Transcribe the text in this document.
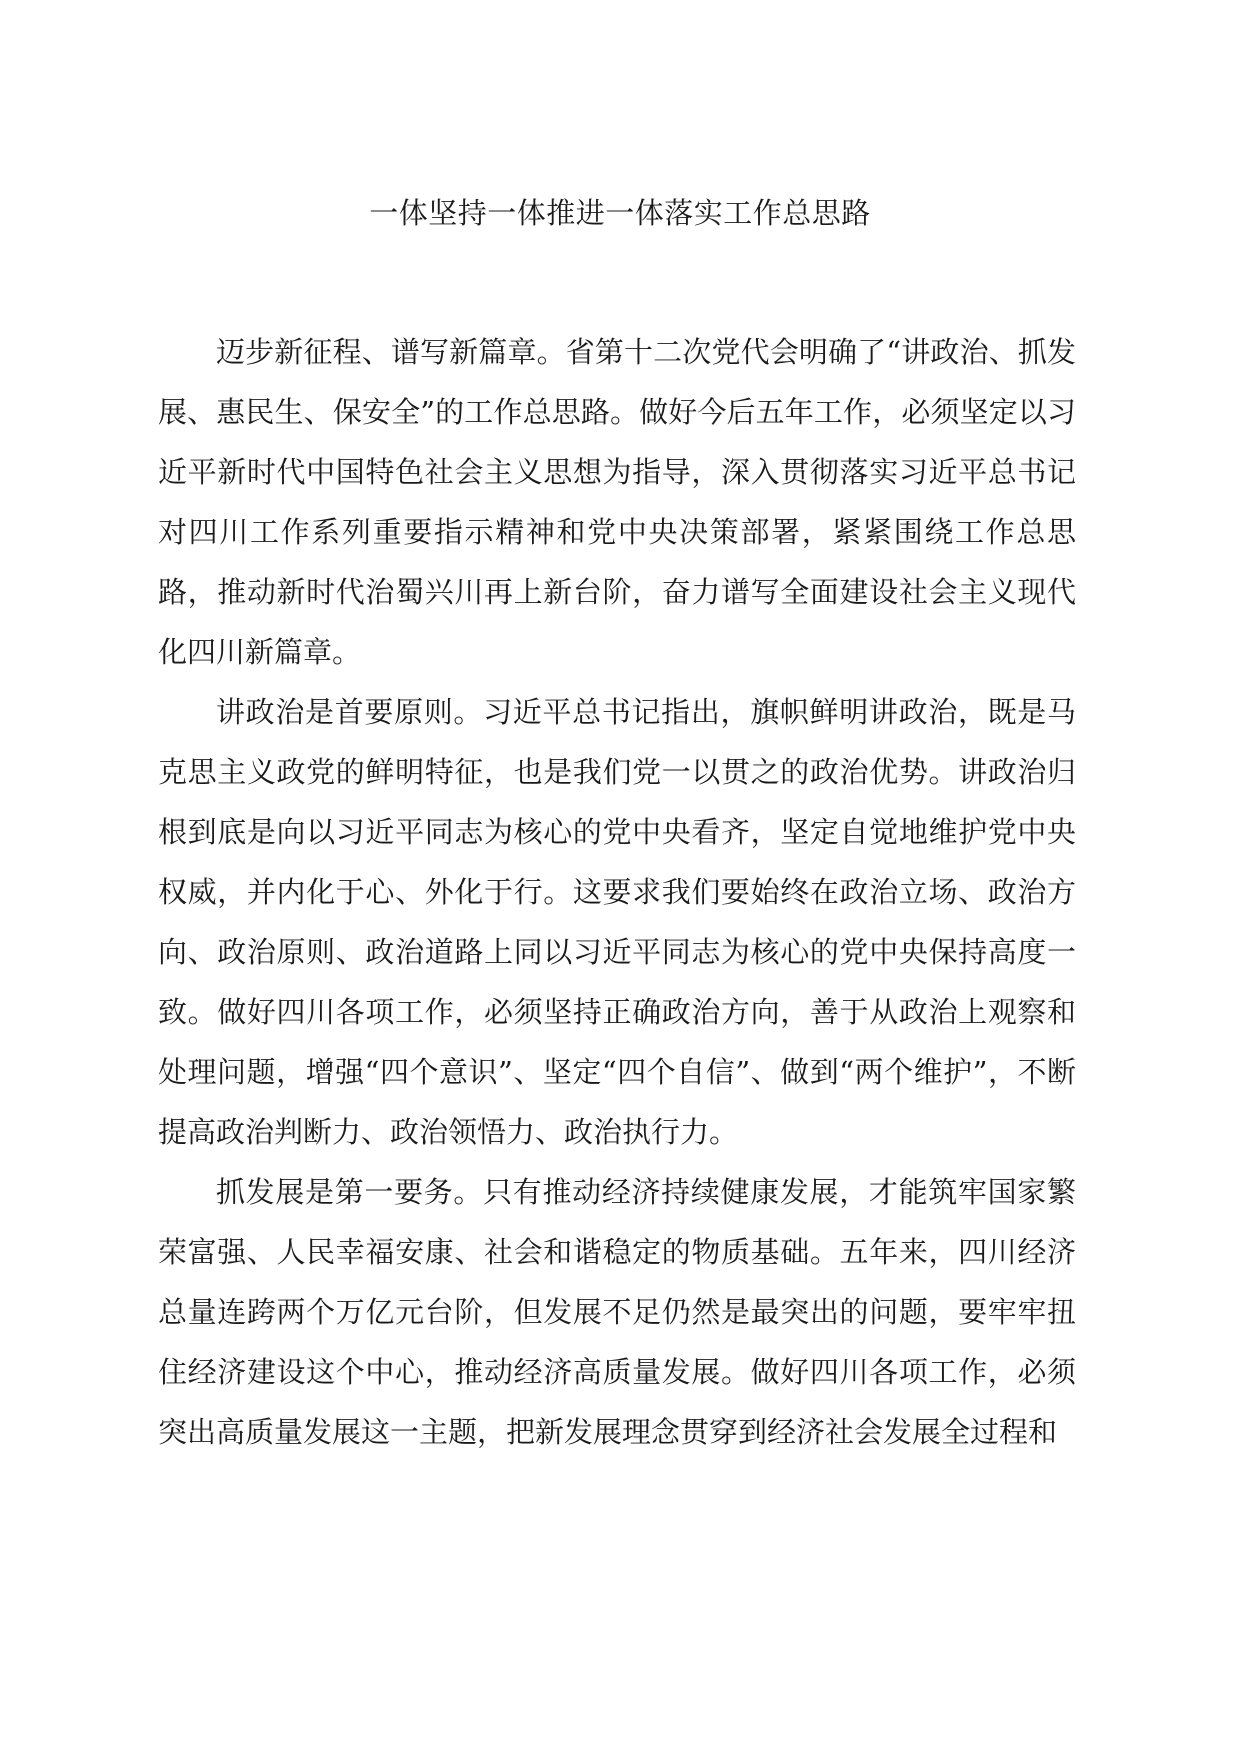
一体坚持一体推进一体落实工作总思路

迈步新征程、谱写新篇章。省第十二次党代会明确了“讲政治、抓发展、惠民生、保安全”的工作总思路。做好今后五年工作，必须坚定以习近平新时代中国特色社会主义思想为指导，深入贯彻落实习近平总书记对四川工作系列重要指示精神和党中央决策部署，紧紧围绕工作总思路，推动新时代治蜀兴川再上新台阶，奋力谱写全面建设社会主义现代化四川新篇章。

讲政治是首要原则。习近平总书记指出，旗帜鲜明讲政治，既是马克思主义政党的鲜明特征，也是我们党一以贯之的政治优势。讲政治归根到底是向以习近平同志为核心的党中央看齐，坚定自觉地维护党中央权威，并内化于心、外化于行。这要求我们要始终在政治立场、政治方向、政治原则、政治道路上同以习近平同志为核心的党中央保持高度一致。做好四川各项工作，必须坚持正确政治方向，善于从政治上观察和处理问题，增强“四个意识”、坚定“四个自信”、做到“两个维护”，不断提高政治判断力、政治领悟力、政治执行力。

抓发展是第一要务。只有推动经济持续健康发展，才能筑牢国家繁荣富强、人民幸福安康、社会和谐稳定的物质基础。五年来，四川经济总量连跨两个万亿元台阶，但发展不足仍然是最突出的问题，要牢牢扭住经济建设这个中心，推动经济高质量发展。做好四川各项工作，必须突出高质量发展这一主题，把新发展理念贯穿到经济社会发展全过程和
